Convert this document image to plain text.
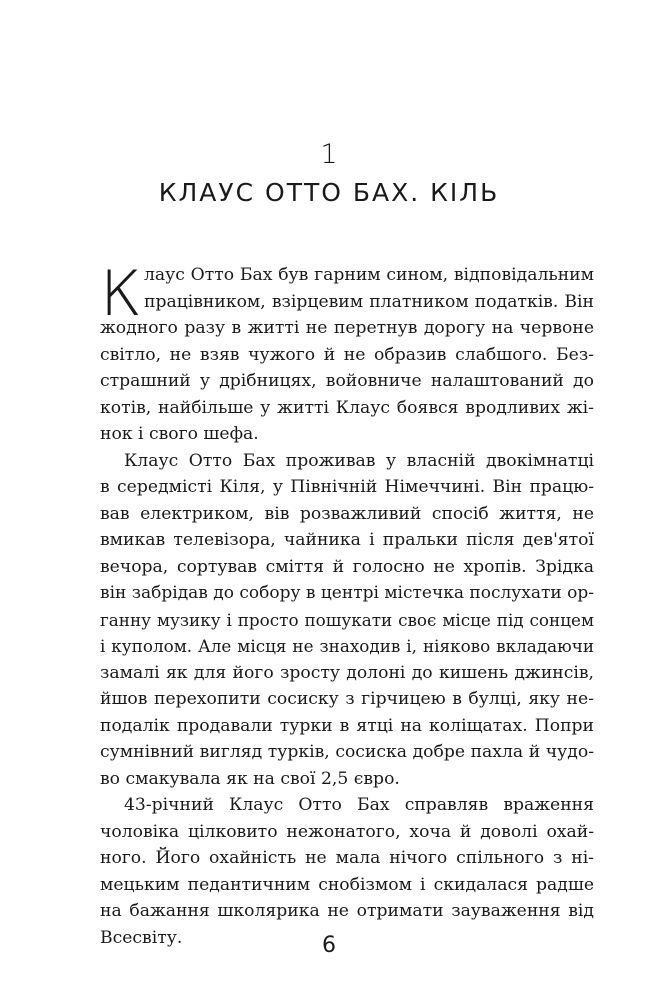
1
КЛАУС ОТТО БАХ. КІЛЬ
К лаус Отто Бах був гарним сином, відповідальним
працівником, взірцевим платником податків. Він
жодного разу в житті не перетнув дорогу на червоне
світло, не взяв чужого й не образив слабшого. Без-
страшний у дрібницях, войовниче налаштований до
котів, найбільше у житті Клаус боявся вродливих жі-
нок і свого шефа.
Клаус Отто Бах проживав у власній двокімнатці
в середмісті Кіля, у Північній Німеччині. Він працю-
вав електриком, вів розважливий спосіб життя, не
вмикав телевізора, чайника і пральки після дев'ятої
вечора, сортував сміття й голосно не хропів. Зрідка
він забрідав до собору в центрі містечка послухати ор-
ганну музику і просто пошукати своє місце під сонцем
і куполом. Але місця не знаходив і, ніяково вкладаючи
замалі як для його зросту долоні до кишень джинсів,
йшов перехопити сосиску з гірчицею в булці, яку не-
подалік продавали турки в ятці на коліщатах. Попри
сумнівний вигляд турків, сосиска добре пахла й чудо-
во смакувала як на свої 2,5 євро.
43-річний Клаус Отто Бах справляв враження
чоловіка цілковито нежонатого, хоча й доволі охай-
ного. Його охайність не мала нічого спільного з ні-
мецьким педантичним снобізмом і скидалася радше
на бажання школярика не отримати зауваження від
Всесвіту.	6
